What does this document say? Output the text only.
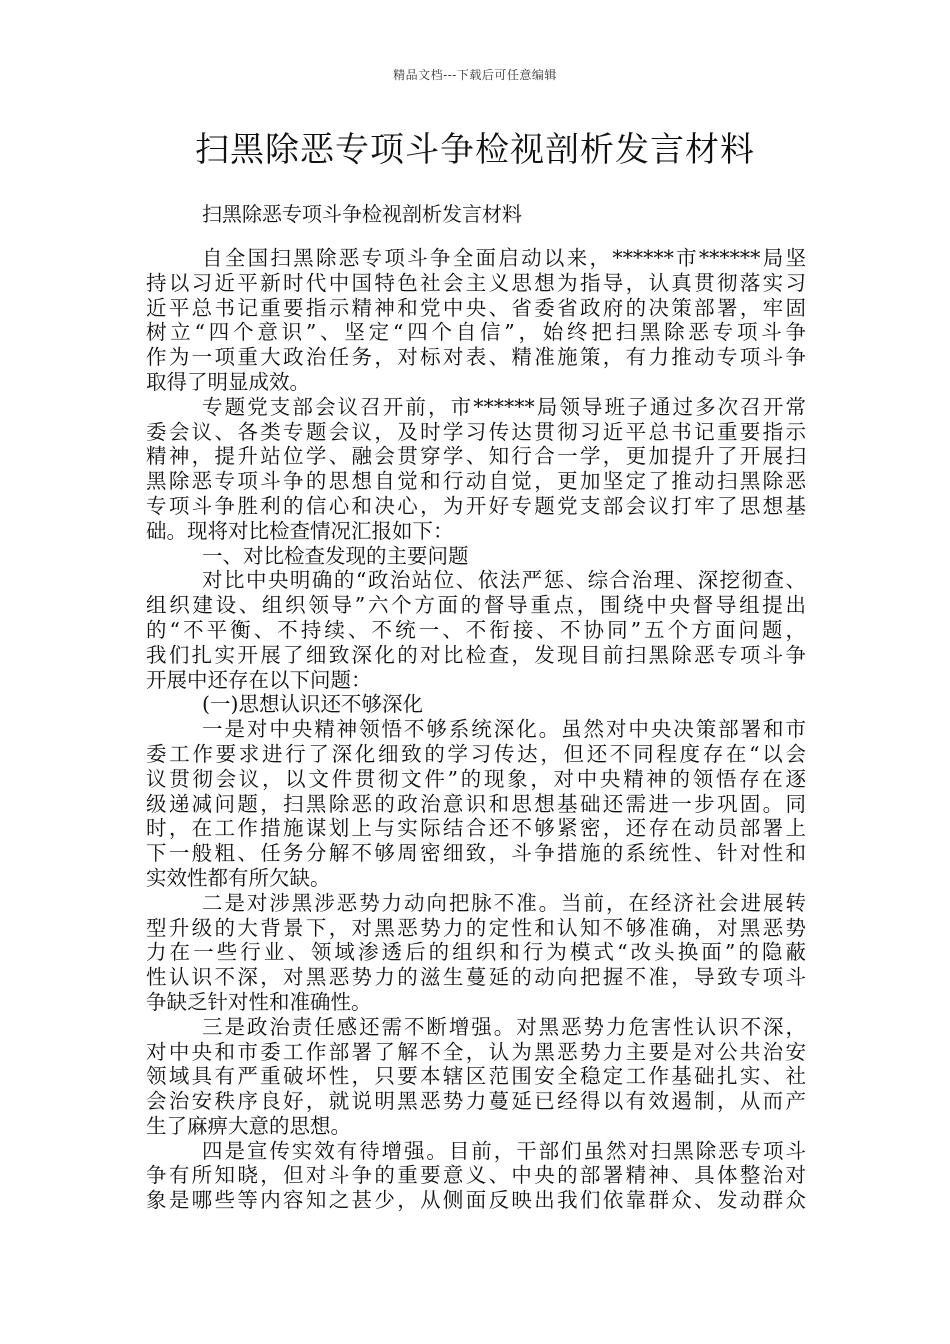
精品文档---下载后可任意编辑
扫黑除恶专项斗争检视剖析发言材料
扫黑除恶专项斗争检视剖析发言材料
自全国扫黑除恶专项斗争全面启动以来，******市******局坚
持以习近平新时代中国特色社会主义思想为指导，认真贯彻落实习
近平总书记重要指示精神和党中央、省委省政府的决策部署，牢固
树立“四个意识”、坚定“四个自信”，始终把扫黑除恶专项斗争
作为一项重大政治任务，对标对表、精准施策，有力推动专项斗争
取得了明显成效。
专题党支部会议召开前，市******局领导班子通过多次召开常
委会议、各类专题会议，及时学习传达贯彻习近平总书记重要指示
精神，提升站位学、融会贯穿学、知行合一学，更加提升了开展扫
黑除恶专项斗争的思想自觉和行动自觉，更加坚定了推动扫黑除恶
专项斗争胜利的信心和决心，为开好专题党支部会议打牢了思想基
础。现将对比检查情况汇报如下：
一、对比检查发现的主要问题
对比中央明确的“政治站位、依法严惩、综合治理、深挖彻查、
组织建设、组织领导”六个方面的督导重点，围绕中央督导组提出
的“不平衡、不持续、不统一、不衔接、不协同”五个方面问题，
我们扎实开展了细致深化的对比检查，发现目前扫黑除恶专项斗争
开展中还存在以下问题：
(一)思想认识还不够深化
一是对中央精神领悟不够系统深化。虽然对中央决策部署和市
委工作要求进行了深化细致的学习传达，但还不同程度存在“以会
议贯彻会议，以文件贯彻文件”的现象，对中央精神的领悟存在逐
级递减问题，扫黑除恶的政治意识和思想基础还需进一步巩固。同
时，在工作措施谋划上与实际结合还不够紧密，还存在动员部署上
下一般粗、任务分解不够周密细致，斗争措施的系统性、针对性和
实效性都有所欠缺。
二是对涉黑涉恶势力动向把脉不准。当前，在经济社会进展转
型升级的大背景下，对黑恶势力的定性和认知不够准确，对黑恶势
力在一些行业、领域渗透后的组织和行为模式“改头换面”的隐蔽
性认识不深，对黑恶势力的滋生蔓延的动向把握不准，导致专项斗
争缺乏针对性和准确性。
三是政治责任感还需不断增强。对黑恶势力危害性认识不深，
对中央和市委工作部署了解不全，认为黑恶势力主要是对公共治安
领域具有严重破坏性，只要本辖区范围安全稳定工作基础扎实、社
会治安秩序良好，就说明黑恶势力蔓延已经得以有效遏制，从而产
生了麻痹大意的思想。
四是宣传实效有待增强。目前，干部们虽然对扫黑除恶专项斗
争有所知晓，但对斗争的重要意义、中央的部署精神、具体整治对
象是哪些等内容知之甚少，从侧面反映出我们依靠群众、发动群众
